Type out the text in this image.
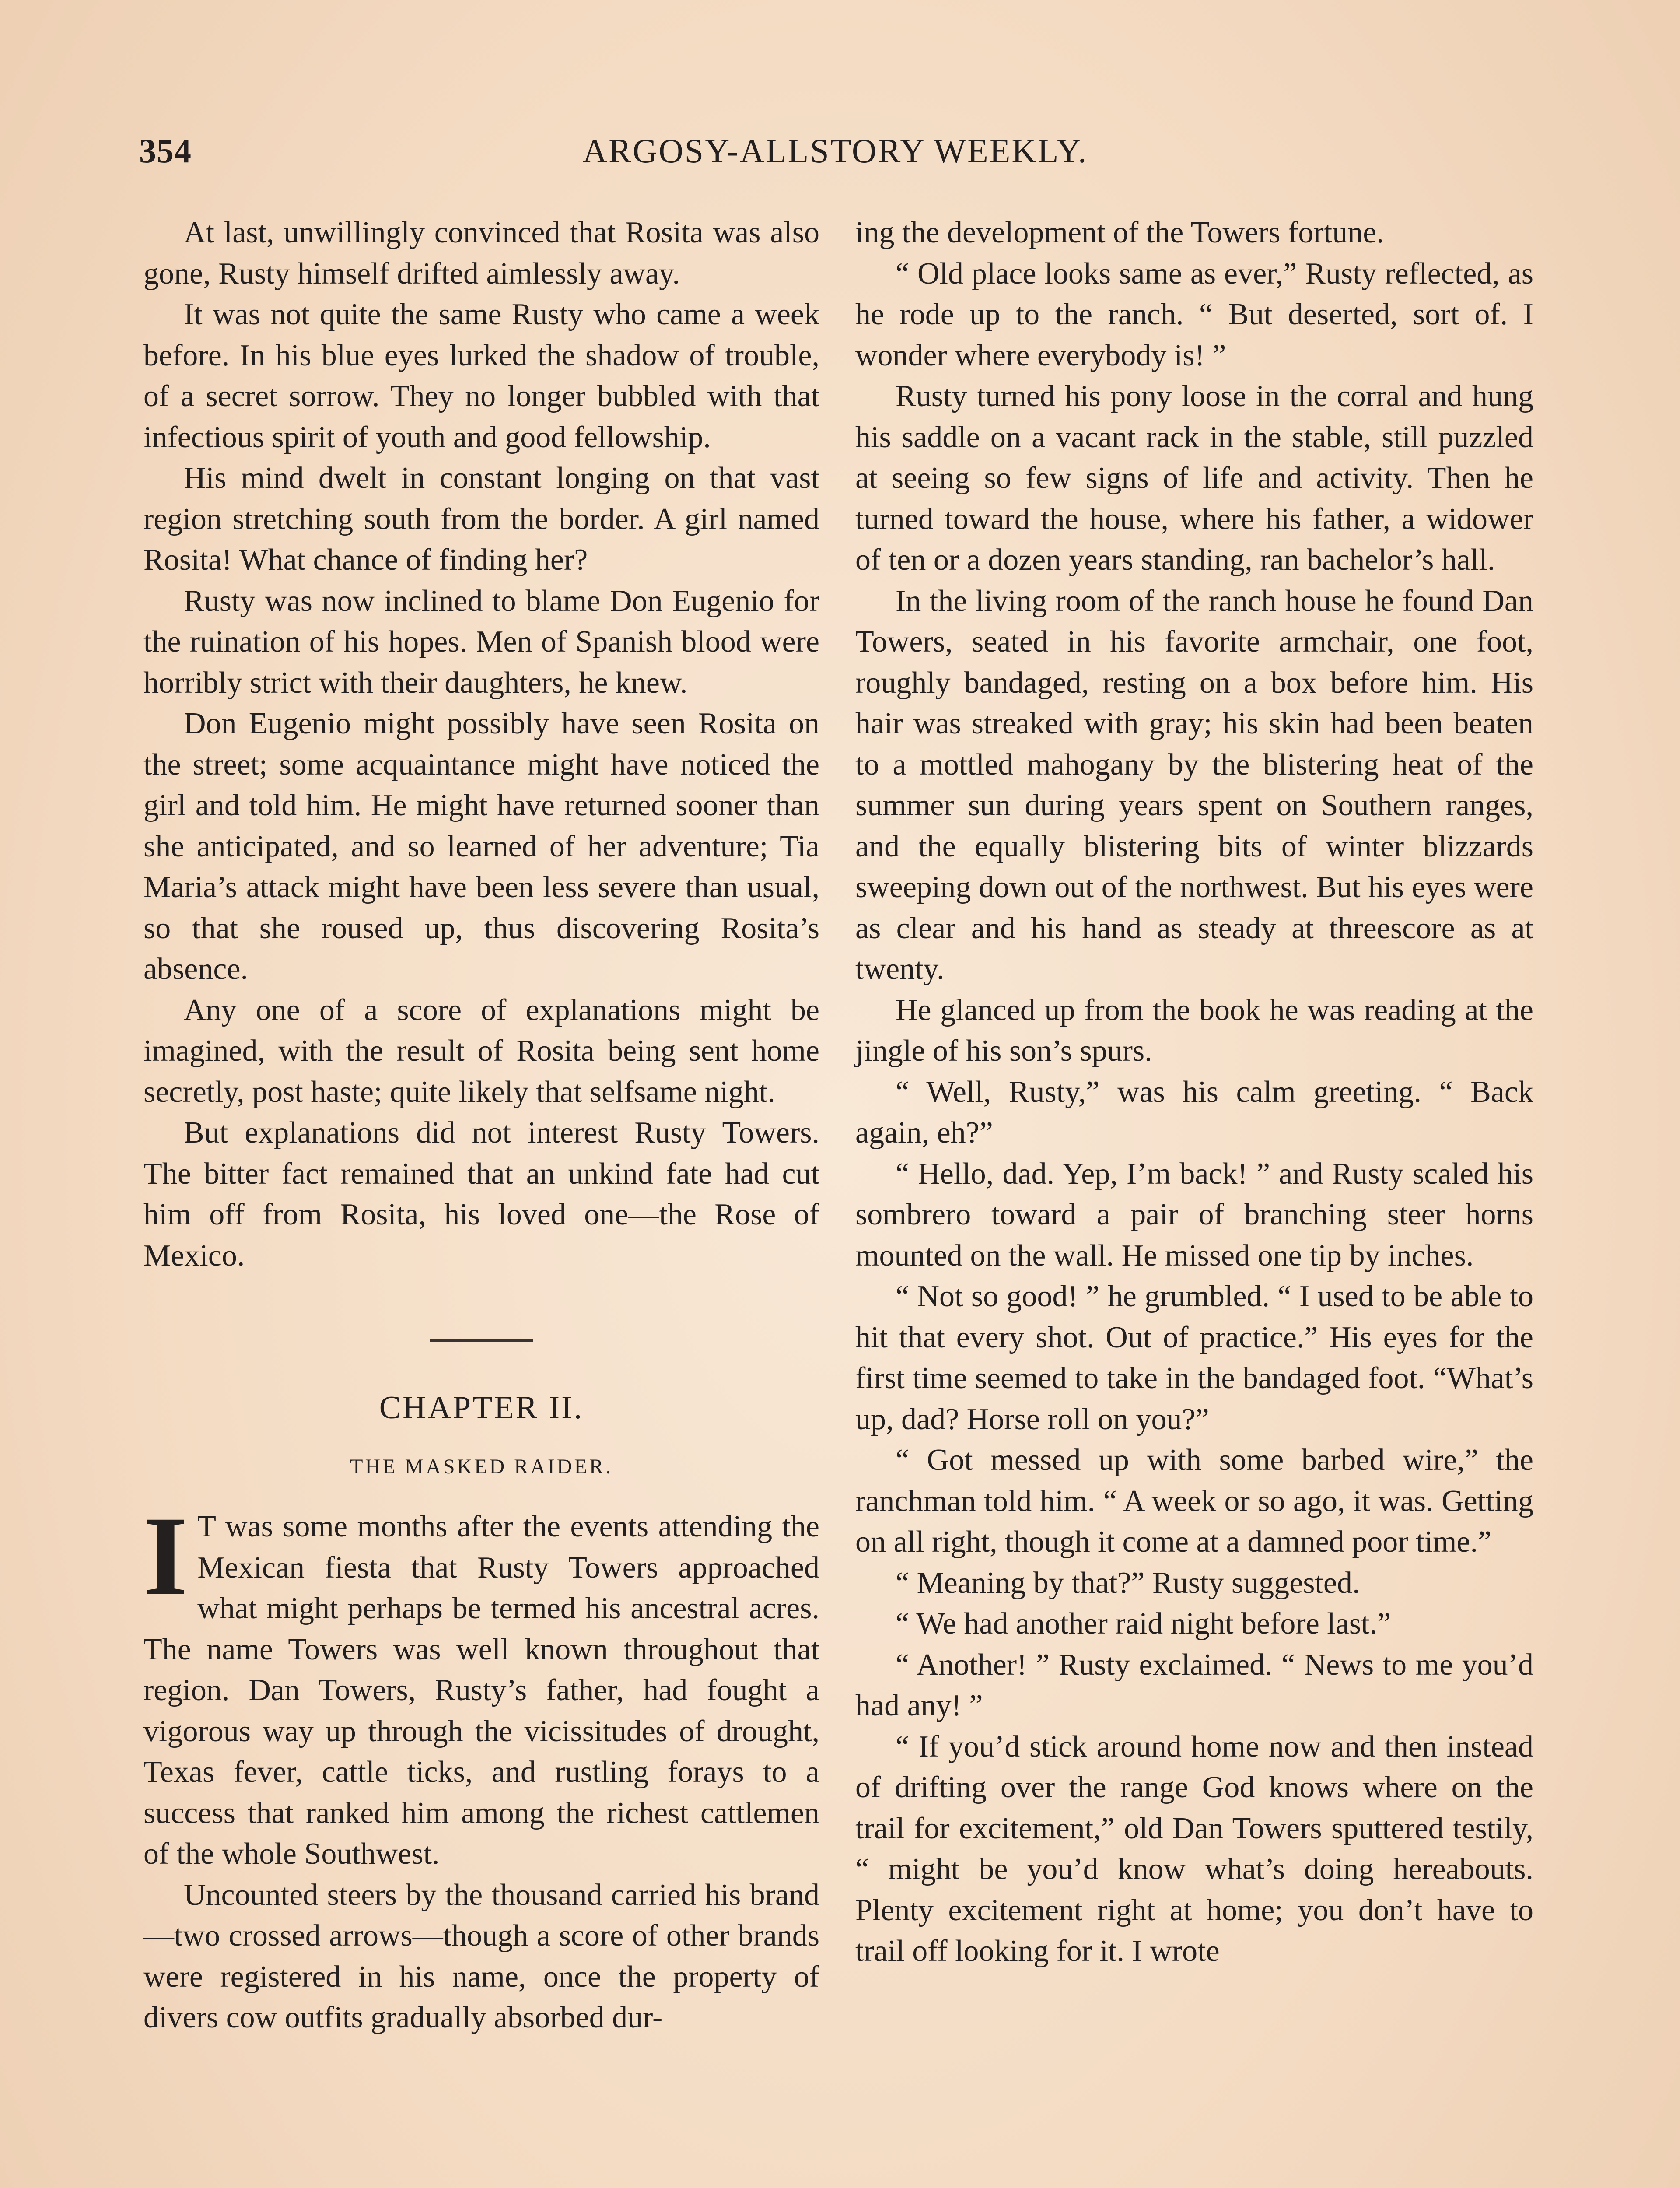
354	ARGOSY-ALLSTORY WEEKLY.

At last, unwillingly convinced that Rosita was also gone, Rusty himself drifted aimlessly away.

It was not quite the same Rusty who came a week before. In his blue eyes lurked the shadow of trouble, of a secret sorrow. They no longer bubbled with that infectious spirit of youth and good fellowship.

His mind dwelt in constant longing on that vast region stretching south from the border. A girl named Rosita! What chance of finding her?

Rusty was now inclined to blame Don Eugenio for the ruination of his hopes. Men of Spanish blood were horribly strict with their daughters, he knew.

Don Eugenio might possibly have seen Rosita on the street; some acquaintance might have noticed the girl and told him. He might have returned sooner than she anticipated, and so learned of her adventure; Tia Maria’s attack might have been less severe than usual, so that she roused up, thus discovering Rosita’s absence.

Any one of a score of explanations might be imagined, with the result of Rosita being sent home secretly, post haste; quite likely that selfsame night.

But explanations did not interest Rusty Towers. The bitter fact remained that an unkind fate had cut him off from Rosita, his loved one—the Rose of Mexico.

CHAPTER II.

THE MASKED RAIDER.

I T was some months after the events attending the Mexican fiesta that Rusty Towers approached what might perhaps be termed his ancestral acres. The name Towers was well known throughout that region. Dan Towers, Rusty’s father, had fought a vigorous way up through the vicissitudes of drought, Texas fever, cattle ticks, and rustling forays to a success that ranked him among the richest cattlemen of the whole Southwest.

Uncounted steers by the thousand carried his brand—two crossed arrows—though a score of other brands were registered in his name, once the property of divers cow outfits gradually absorbed dur-

ing the development of the Towers fortune.

“ Old place looks same as ever,” Rusty reflected, as he rode up to the ranch. “ But deserted, sort of. I wonder where everybody is! ”

Rusty turned his pony loose in the corral and hung his saddle on a vacant rack in the stable, still puzzled at seeing so few signs of life and activity. Then he turned toward the house, where his father, a widower of ten or a dozen years standing, ran bachelor’s hall.

In the living room of the ranch house he found Dan Towers, seated in his favorite armchair, one foot, roughly bandaged, resting on a box before him. His hair was streaked with gray; his skin had been beaten to a mottled mahogany by the blistering heat of the summer sun during years spent on Southern ranges, and the equally blistering bits of winter blizzards sweeping down out of the northwest. But his eyes were as clear and his hand as steady at threescore as at twenty.

He glanced up from the book he was reading at the jingle of his son’s spurs.

“ Well, Rusty,” was his calm greeting. “ Back again, eh?”

“ Hello, dad. Yep, I’m back! ” and Rusty scaled his sombrero toward a pair of branching steer horns mounted on the wall. He missed one tip by inches.

“ Not so good! ” he grumbled. “ I used to be able to hit that every shot. Out of practice.” His eyes for the first time seemed to take in the bandaged foot. “What’s up, dad? Horse roll on you?”

“ Got messed up with some barbed wire,” the ranchman told him. “ A week or so ago, it was. Getting on all right, though it come at a damned poor time.”

“ Meaning by that?” Rusty suggested.

“ We had another raid night before last.”

“ Another! ” Rusty exclaimed. “ News to me you’d had any! ”

“ If you’d stick around home now and then instead of drifting over the range God knows where on the trail for excitement,” old Dan Towers sputtered testily, “ might be you’d know what’s doing hereabouts. Plenty excitement right at home; you don’t have to trail off looking for it. I wrote
